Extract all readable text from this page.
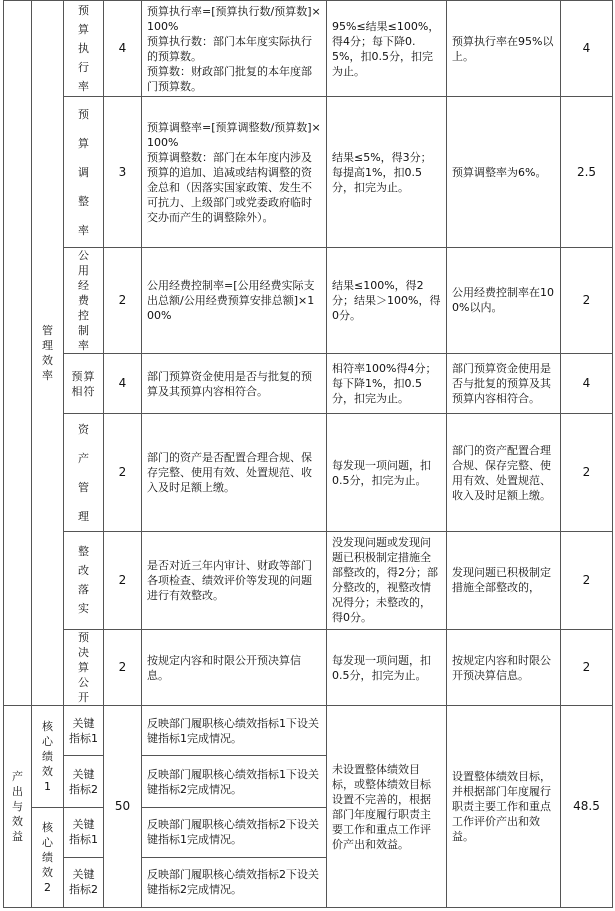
	管理效率	预算执行率	4	预算执行率=[预算执行数/预算数]×100%
预算执行数：部门本年度实际执行的预算数。
预算数：财政部门批复的本年度部门预算数。	95%≤结果≤100%，得4分；每下降0.5%，扣0.5分，扣完为止。	预算执行率在95%以上。	4

		预算调整率	3	预算调整率=[预算调整数/预算数]×100%
预算调整数：部门在本年度内涉及预算的追加、追减或结构调整的资金总和（因落实国家政策、发生不可抗力、上级部门或党委政府临时交办而产生的调整除外）。	结果≤5%，得3分；每提高1%，扣0.5分，扣完为止。	预算调整率为6%。	2.5

		公用经费控制率	2	公用经费控制率=[公用经费实际支出总额/公用经费预算安排总额]×100%	结果≤100%，得2分；结果＞100%，得0分。	公用经费控制率在100%以内。	2
		预算相符	4	部门预算资金使用是否与批复的预算及其预算内容相符合。	相符率100%得4分；每下降1%，扣0.5分，扣完为止。	部门预算资金使用是否与批复的预算及其预算内容相符合。	4

		资产管理	2	部门的资产是否配置合理合规、保存完整、使用有效、处置规范、收入及时足额上缴。	每发现一项问题，扣0.5分，扣完为止。	部门的资产配置合理合规、保存完整、使用有效、处置规范、收入及时足额上缴。	2

		整改落实	2	是否对近三年内审计、财政等部门各项检查、绩效评价等发现的问题进行有效整改。	没发现问题或发现问题已积极制定措施全部整改的，得2分；部分整改的，视整改情况得分；未整改的，得0分。	发现问题已积极制定措施全部整改的，	2

		预决算公开	2	按规定内容和时限公开预决算信息。	每发现一项问题，扣0.5分，扣完为止。	按规定内容和时限公开预决算信息。	2

产出与效益	核心绩效1	关键指标1	50	反映部门履职核心绩效指标1下设关键指标1完成情况。	未设置整体绩效目标，或整体绩效目标设置不完善的，根据部门年度履行职责主要工作和重点工作评价产出和效益。	设置整体绩效目标，并根据部门年度履行职责主要工作和重点工作评价产出和效益。	48.5
		关键指标2		反映部门履职核心绩效指标1下设关键指标2完成情况。			

	核心绩效2	关键指标1		反映部门履职核心绩效指标2下设关键指标1完成情况。			
		关键指标2		反映部门履职核心绩效指标2下设关键指标2完成情况。			
